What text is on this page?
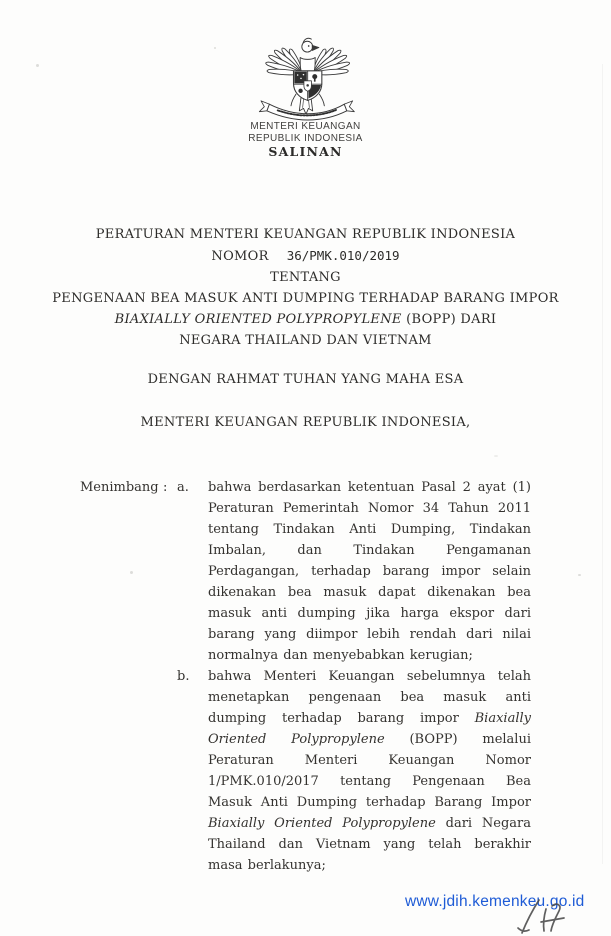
MENTERI KEUANGAN
REPUBLIK INDONESIA
SALINAN
PERATURAN MENTERI KEUANGAN REPUBLIK INDONESIA
NOMOR 36/PMK.010/2019
TENTANG
PENGENAAN BEA MASUK ANTI DUMPING TERHADAP BARANG IMPOR
BIAXIALLY ORIENTED POLYPROPYLENE (BOPP) DARI
NEGARA THAILAND DAN VIETNAM
DENGAN RAHMAT TUHAN YANG MAHA ESA
MENTERI KEUANGAN REPUBLIK INDONESIA,
Menimbang : a.	bahwa berdasarkan ketentuan Pasal 2 ayat (1) Peraturan Pemerintah Nomor 34 Tahun 2011 tentang Tindakan Anti Dumping, Tindakan Imbalan, dan Tindakan Pengamanan Perdagangan, terhadap barang impor selain dikenakan bea masuk dapat dikenakan bea masuk anti dumping jika harga ekspor dari barang yang diimpor lebih rendah dari nilai normalnya dan menyebabkan kerugian;

b.	bahwa Menteri Keuangan sebelumnya telah menetapkan pengenaan bea masuk anti dumping terhadap barang impor Biaxially Oriented Polypropylene (BOPP) melalui Peraturan Menteri Keuangan Nomor 1/PMK.010/2017 tentang Pengenaan Bea Masuk Anti Dumping terhadap Barang Impor Biaxially Oriented Polypropylene dari Negara Thailand dan Vietnam yang telah berakhir masa berlakunya;

www.jdih.kemenkeu.go.id
